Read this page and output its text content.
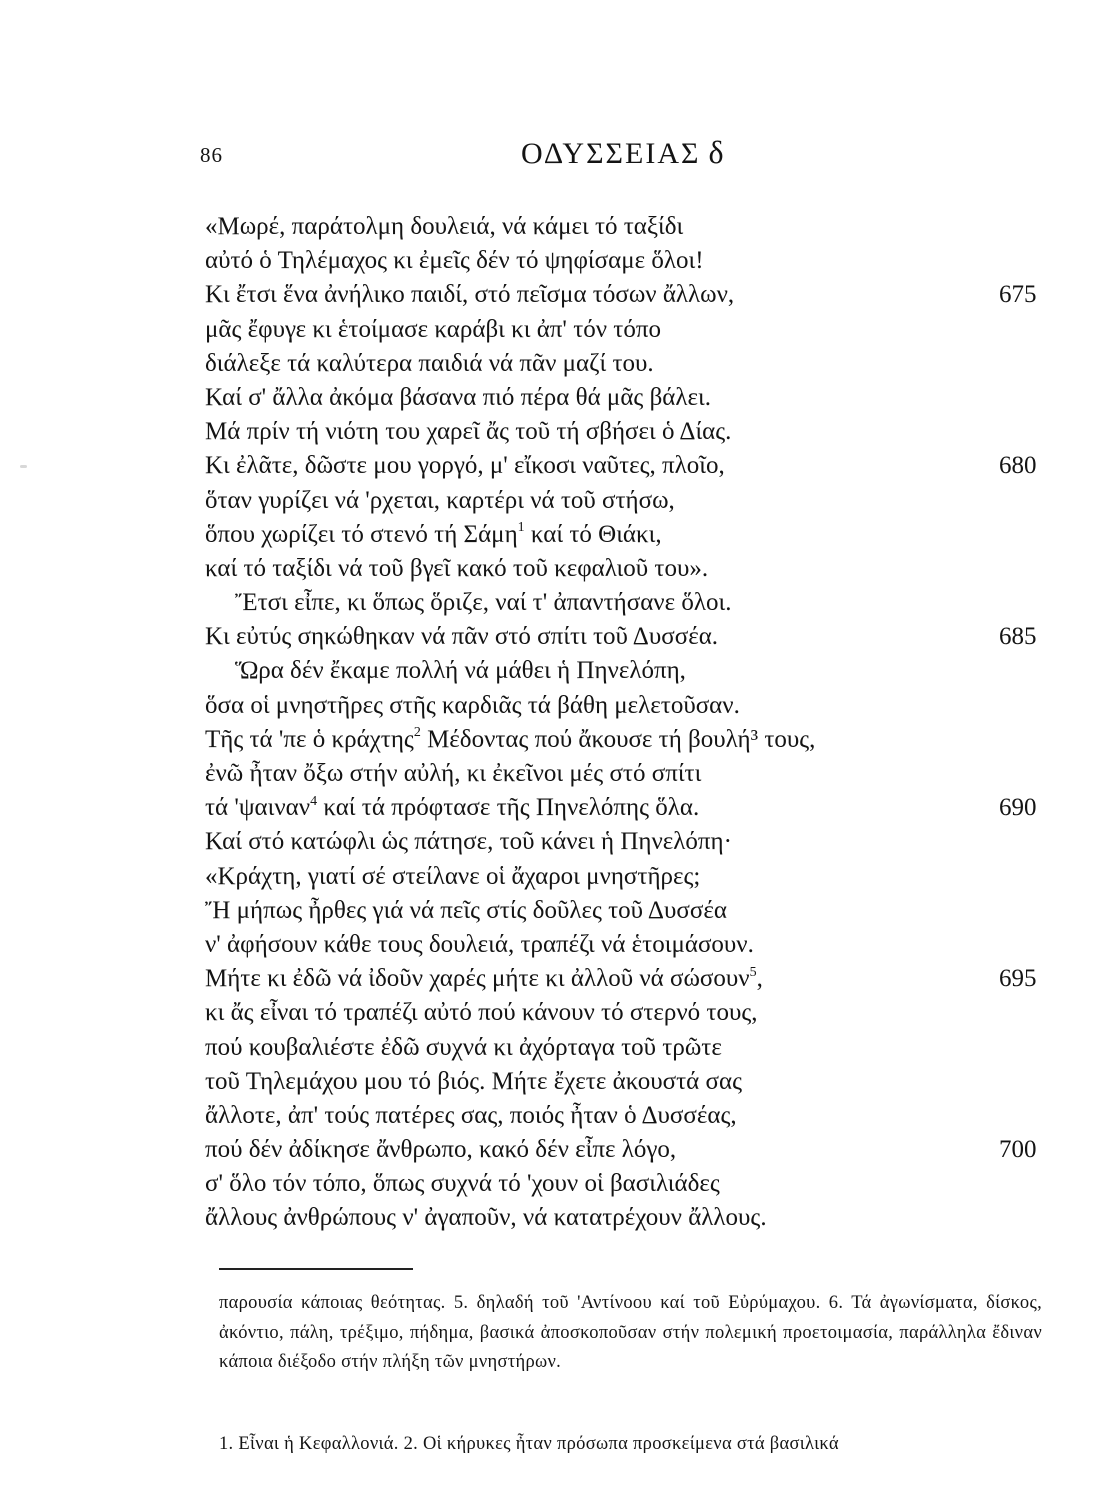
86	ΟΔΥΣΣΕΙΑΣ δ
«Μωρέ, παράτολμη δουλειά, νά κάμει τό ταξίδι
αὐτό ὁ Τηλέμαχος κι ἐμεῖς δέν τό ψηφίσαμε ὅλοι!
Κι ἔτσι ἕνα ἀνήλικο παιδί, στό πεῖσμα τόσων ἄλλων,	675
μᾶς ἔφυγε κι ἑτοίμασε καράβι κι ἀπ' τόν τόπο
διάλεξε τά καλύτερα παιδιά νά πᾶν μαζί του.
Καί σ' ἄλλα ἀκόμα βάσανα πιό πέρα θά μᾶς βάλει.
Μά πρίν τή νιότη του χαρεῖ ἄς τοῦ τή σβήσει ὁ Δίας.
Κι ἐλᾶτε, δῶστε μου γοργό, μ' εἴκοσι ναῦτες, πλοῖο,	680
ὅταν γυρίζει νά 'ρχεται, καρτέρι νά τοῦ στήσω,
ὅπου χωρίζει τό στενό τή Σάμη$^1$ καί τό Θιάκι,
καί τό ταξίδι νά τοῦ βγεῖ κακό τοῦ κεφαλιοῦ του».
Ἔτσι εἶπε, κι ὅπως ὅριζε, ναί τ' ἀπαντήσανε ὅλοι.
Κι εὐτύς σηκώθηκαν νά πᾶν στό σπίτι τοῦ Δυσσέα.	685
Ὥρα δέν ἔκαμε πολλή νά μάθει ἡ Πηνελόπη,
ὅσα οἱ μνηστῆρες στῆς καρδιᾶς τά βάθη μελετοῦσαν.
Τῆς τά 'πε ὁ κράχτης$^2$ Μέδοντας πού ἄκουσε τή βουλή³ τους,
ἐνῶ ἦταν ὄξω στήν αὐλή, κι ἐκεῖνοι μές στό σπίτι
τά 'ψαιναν$^4$ καί τά πρόφτασε τῆς Πηνελόπης ὅλα.	690
Καί στό κατώφλι ὡς πάτησε, τοῦ κάνει ἡ Πηνελόπη·
«Κράχτη, γιατί σέ στείλανε οἱ ἄχαροι μνηστῆρες;
Ἤ μήπως ἦρθες γιά νά πεῖς στίς δοῦλες τοῦ Δυσσέα
ν' ἀφήσουν κάθε τους δουλειά, τραπέζι νά ἑτοιμάσουν.
Μήτε κι ἐδῶ νά ἰδοῦν χαρές μήτε κι ἀλλοῦ νά σώσουν$^5$,	695
κι ἄς εἶναι τό τραπέζι αὐτό πού κάνουν τό στερνό τους,
πού κουβαλιέστε ἐδῶ συχνά κι ἀχόρταγα τοῦ τρῶτε
τοῦ Τηλεμάχου μου τό βιός. Μήτε ἔχετε ἀκουστά σας
ἄλλοτε, ἀπ' τούς πατέρες σας, ποιός ἦταν ὁ Δυσσέας,
πού δέν ἀδίκησε ἄνθρωπο, κακό δέν εἶπε λόγο,	700
σ' ὅλο τόν τόπο, ὅπως συχνά τό 'χουν οἱ βασιλιάδες
ἄλλους ἀνθρώπους ν' ἀγαποῦν, νά κατατρέχουν ἄλλους.
παρουσία κάποιας θεότητας. 5. δηλαδή τοῦ 'Αντίνοου καί τοῦ Εὐρύμαχου. 6. Τά ἀγωνίσματα, δίσκος, ἀκόντιο, πάλη, τρέξιμο, πήδημα, βασικά ἀποσκοποῦσαν στήν πολεμική προετοιμασία, παράλληλα ἔδιναν κάποια διέξοδο στήν πλήξη τῶν μνηστήρων.
1. Εἶναι ἡ Κεφαλλονιά. 2. Οἱ κήρυκες ἦταν πρόσωπα προσκείμενα στά βασιλικά
